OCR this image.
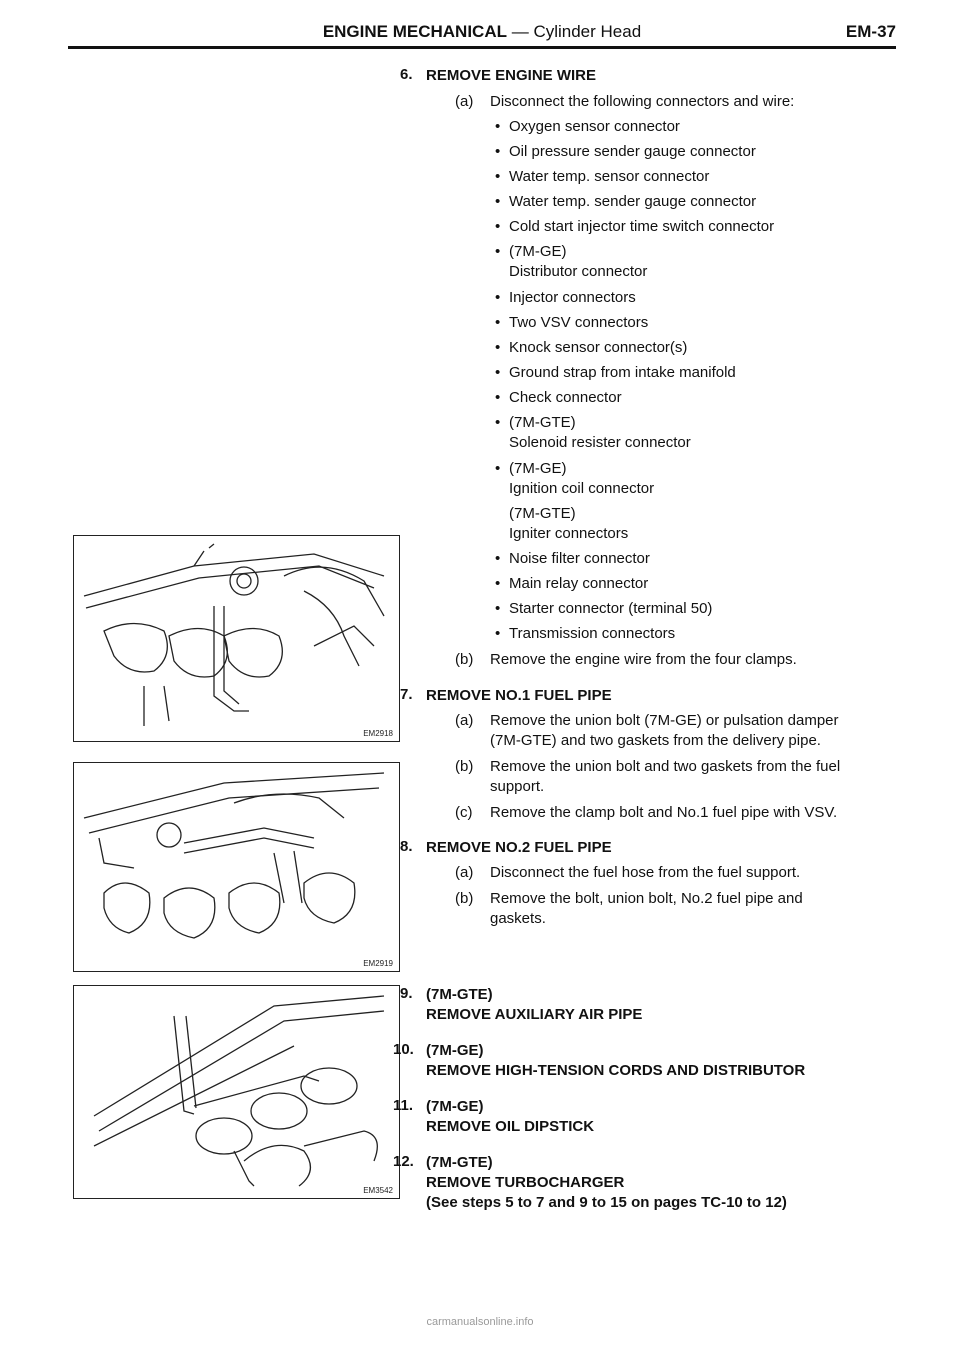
ENGINE MECHANICAL — Cylinder Head	EM-37
EM2918
EM2919
EM3542
6. REMOVE ENGINE WIRE
(a) Disconnect the following connectors and wire:
• Oxygen sensor connector
• Oil pressure sender gauge connector
• Water temp. sensor connector
• Water temp. sender gauge connector
• Cold start injector time switch connector
• (7M-GE)
Distributor connector
• Injector connectors
• Two VSV connectors
• Knock sensor connector(s)
• Ground strap from intake manifold
• Check connector
• (7M-GTE)
Solenoid resister connector
• (7M-GE)
Ignition coil connector
(7M-GTE)
Igniter connectors
• Noise filter connector
• Main relay connector
• Starter connector (terminal 50)
• Transmission connectors
(b) Remove the engine wire from the four clamps.
7. REMOVE NO.1 FUEL PIPE
(a) Remove the union bolt (7M-GE) or pulsation damper
(7M-GTE) and two gaskets from the delivery pipe.
(b) Remove the union bolt and two gaskets from the fuel
support.
(c) Remove the clamp bolt and No.1 fuel pipe with VSV.
8. REMOVE NO.2 FUEL PIPE
(a) Disconnect the fuel hose from the fuel support.
(b) Remove the bolt, union bolt, No.2 fuel pipe and
gaskets.
9. (7M-GTE)
REMOVE AUXILIARY AIR PIPE
10. (7M-GE)
REMOVE HIGH-TENSION CORDS AND DISTRIBUTOR
11. (7M-GE)
REMOVE OIL DIPSTICK
12. (7M-GTE)
REMOVE TURBOCHARGER
(See steps 5 to 7 and 9 to 15 on pages TC-10 to 12)
carmanualsonline.info
